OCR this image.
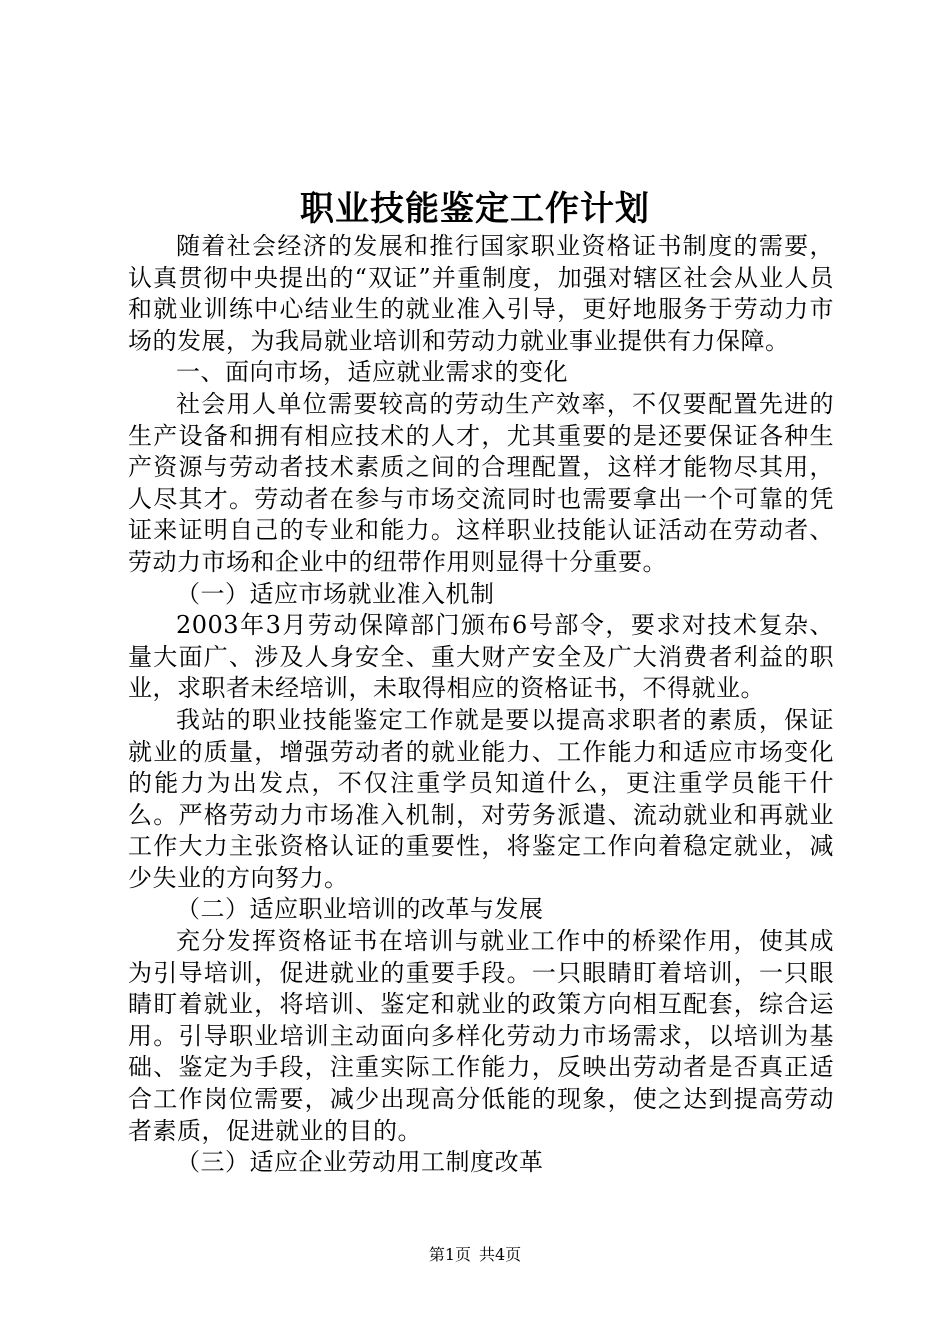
职业技能鉴定工作计划

随着社会经济的发展和推行国家职业资格证书制度的需要，认真贯彻中央提出的“双证”并重制度，加强对辖区社会从业人员和就业训练中心结业生的就业准入引导，更好地服务于劳动力市场的发展，为我局就业培训和劳动力就业事业提供有力保障。

一、面向市场，适应就业需求的变化

社会用人单位需要较高的劳动生产效率，不仅要配置先进的生产设备和拥有相应技术的人才，尤其重要的是还要保证各种生产资源与劳动者技术素质之间的合理配置，这样才能物尽其用，人尽其才。劳动者在参与市场交流同时也需要拿出一个可靠的凭证来证明自己的专业和能力。这样职业技能认证活动在劳动者、劳动力市场和企业中的纽带作用则显得十分重要。

（一）适应市场就业准入机制

2003年3月劳动保障部门颁布6号部令，要求对技术复杂、量大面广、涉及人身安全、重大财产安全及广大消费者利益的职业，求职者未经培训，未取得相应的资格证书，不得就业。

我站的职业技能鉴定工作就是要以提高求职者的素质，保证就业的质量，增强劳动者的就业能力、工作能力和适应市场变化的能力为出发点，不仅注重学员知道什么，更注重学员能干什么。严格劳动力市场准入机制，对劳务派遣、流动就业和再就业工作大力主张资格认证的重要性，将鉴定工作向着稳定就业，减少失业的方向努力。

（二）适应职业培训的改革与发展

充分发挥资格证书在培训与就业工作中的桥梁作用，使其成为引导培训，促进就业的重要手段。一只眼睛盯着培训，一只眼睛盯着就业，将培训、鉴定和就业的政策方向相互配套，综合运用。引导职业培训主动面向多样化劳动力市场需求，以培训为基础、鉴定为手段，注重实际工作能力，反映出劳动者是否真正适合工作岗位需要，减少出现高分低能的现象，使之达到提高劳动者素质，促进就业的目的。

（三）适应企业劳动用工制度改革

第1页 共4页
